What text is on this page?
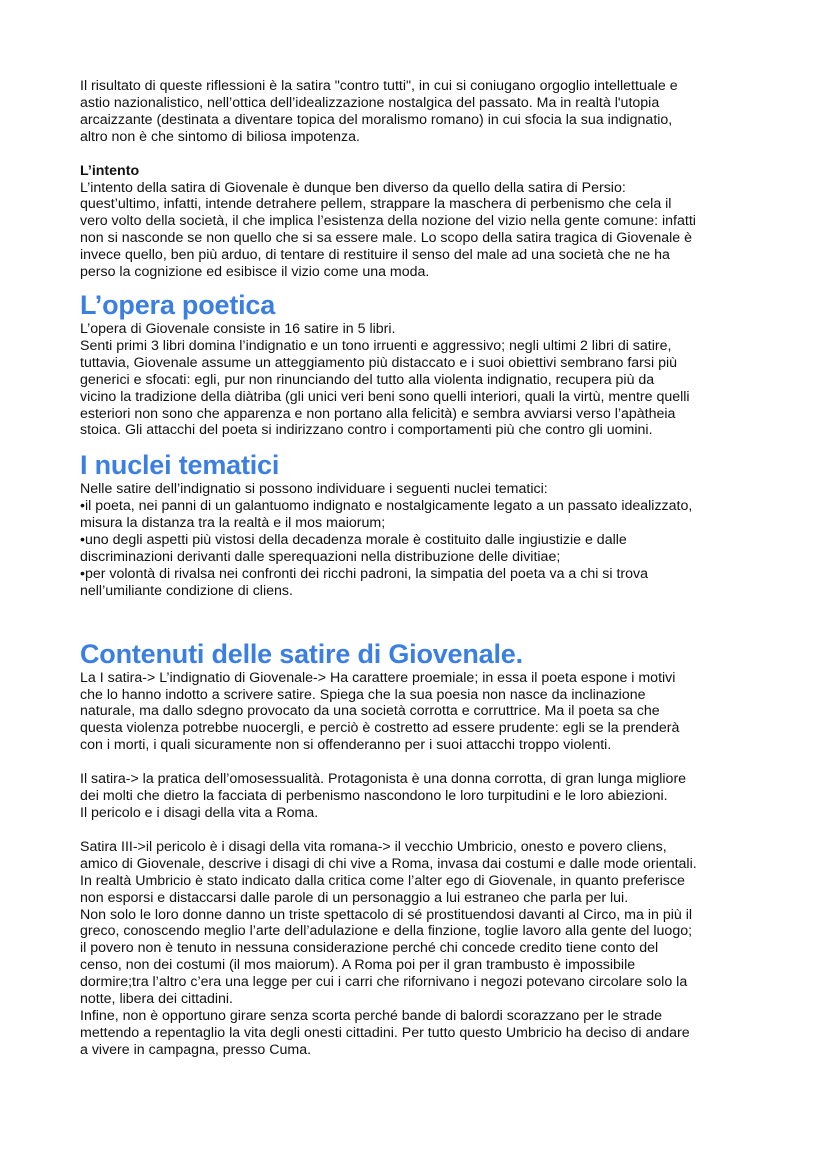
Il risultato di queste riflessioni è la satira "contro tutti", in cui si coniugano orgoglio intellettuale e

astio nazionalistico, nell’ottica dell’idealizzazione nostalgica del passato. Ma in realtà l'utopia

arcaizzante (destinata a diventare topica del moralismo romano) in cui sfocia la sua indignatio,

altro non è che sintomo di biliosa impotenza.

L’intento

L’intento della satira di Giovenale è dunque ben diverso da quello della satira di Persio:

quest’ultimo, infatti, intende detrahere pellem, strappare la maschera di perbenismo che cela il

vero volto della società, il che implica l’esistenza della nozione del vizio nella gente comune: infatti

non si nasconde se non quello che si sa essere male. Lo scopo della satira tragica di Giovenale è

invece quello, ben più arduo, di tentare di restituire il senso del male ad una società che ne ha

perso la cognizione ed esibisce il vizio come una moda.

L’opera poetica

L’opera di Giovenale consiste in 16 satire in 5 libri.

Senti primi 3 libri domina l’indignatio e un tono irruenti e aggressivo; negli ultimi 2 libri di satire,

tuttavia, Giovenale assume un atteggiamento più distaccato e i suoi obiettivi sembrano farsi più

generici e sfocati: egli, pur non rinunciando del tutto alla violenta indignatio, recupera più da

vicino la tradizione della diàtriba (gli unici veri beni sono quelli interiori, quali la virtù, mentre quelli

esteriori non sono che apparenza e non portano alla felicità) e sembra avviarsi verso l’apàtheia

stoica. Gli attacchi del poeta si indirizzano contro i comportamenti più che contro gli uomini.

I nuclei tematici

Nelle satire dell’indignatio si possono individuare i seguenti nuclei tematici:

•il poeta, nei panni di un galantuomo indignato e nostalgicamente legato a un passato idealizzato,

misura la distanza tra la realtà e il mos maiorum;

•uno degli aspetti più vistosi della decadenza morale è costituito dalle ingiustizie e dalle

discriminazioni derivanti dalle sperequazioni nella distribuzione delle divitiae;

•per volontà di rivalsa nei confronti dei ricchi padroni, la simpatia del poeta va a chi si trova

nell’umiliante condizione di cliens.

Contenuti delle satire di Giovenale.

La I satira-> L’indignatio di Giovenale-> Ha carattere proemiale; in essa il poeta espone i motivi

che lo hanno indotto a scrivere satire. Spiega che la sua poesia non nasce da inclinazione

naturale, ma dallo sdegno provocato da una società corrotta e corruttrice. Ma il poeta sa che

questa violenza potrebbe nuocergli, e perciò è costretto ad essere prudente: egli se la prenderà

con i morti, i quali sicuramente non si offenderanno per i suoi attacchi troppo violenti.

Il satira-> la pratica dell’omosessualità. Protagonista è una donna corrotta, di gran lunga migliore

dei molti che dietro la facciata di perbenismo nascondono le loro turpitudini e le loro abiezioni.

Il pericolo e i disagi della vita a Roma.

Satira III->il pericolo è i disagi della vita romana-> il vecchio Umbricio, onesto e povero cliens,

amico di Giovenale, descrive i disagi di chi vive a Roma, invasa dai costumi e dalle mode orientali.

In realtà Umbricio è stato indicato dalla critica come l’alter ego di Giovenale, in quanto preferisce

non esporsi e distaccarsi dalle parole di un personaggio a lui estraneo che parla per lui.

Non solo le loro donne danno un triste spettacolo di sé prostituendosi davanti al Circo, ma in più il

greco, conoscendo meglio l’arte dell’adulazione e della finzione, toglie lavoro alla gente del luogo;

il povero non è tenuto in nessuna considerazione perché chi concede credito tiene conto del

censo, non dei costumi (il mos maiorum). A Roma poi per il gran trambusto è impossibile

dormire;tra l’altro c’era una legge per cui i carri che rifornivano i negozi potevano circolare solo la

notte, libera dei cittadini.

Infine, non è opportuno girare senza scorta perché bande di balordi scorazzano per le strade

mettendo a repentaglio la vita degli onesti cittadini. Per tutto questo Umbricio ha deciso di andare

a vivere in campagna, presso Cuma.
